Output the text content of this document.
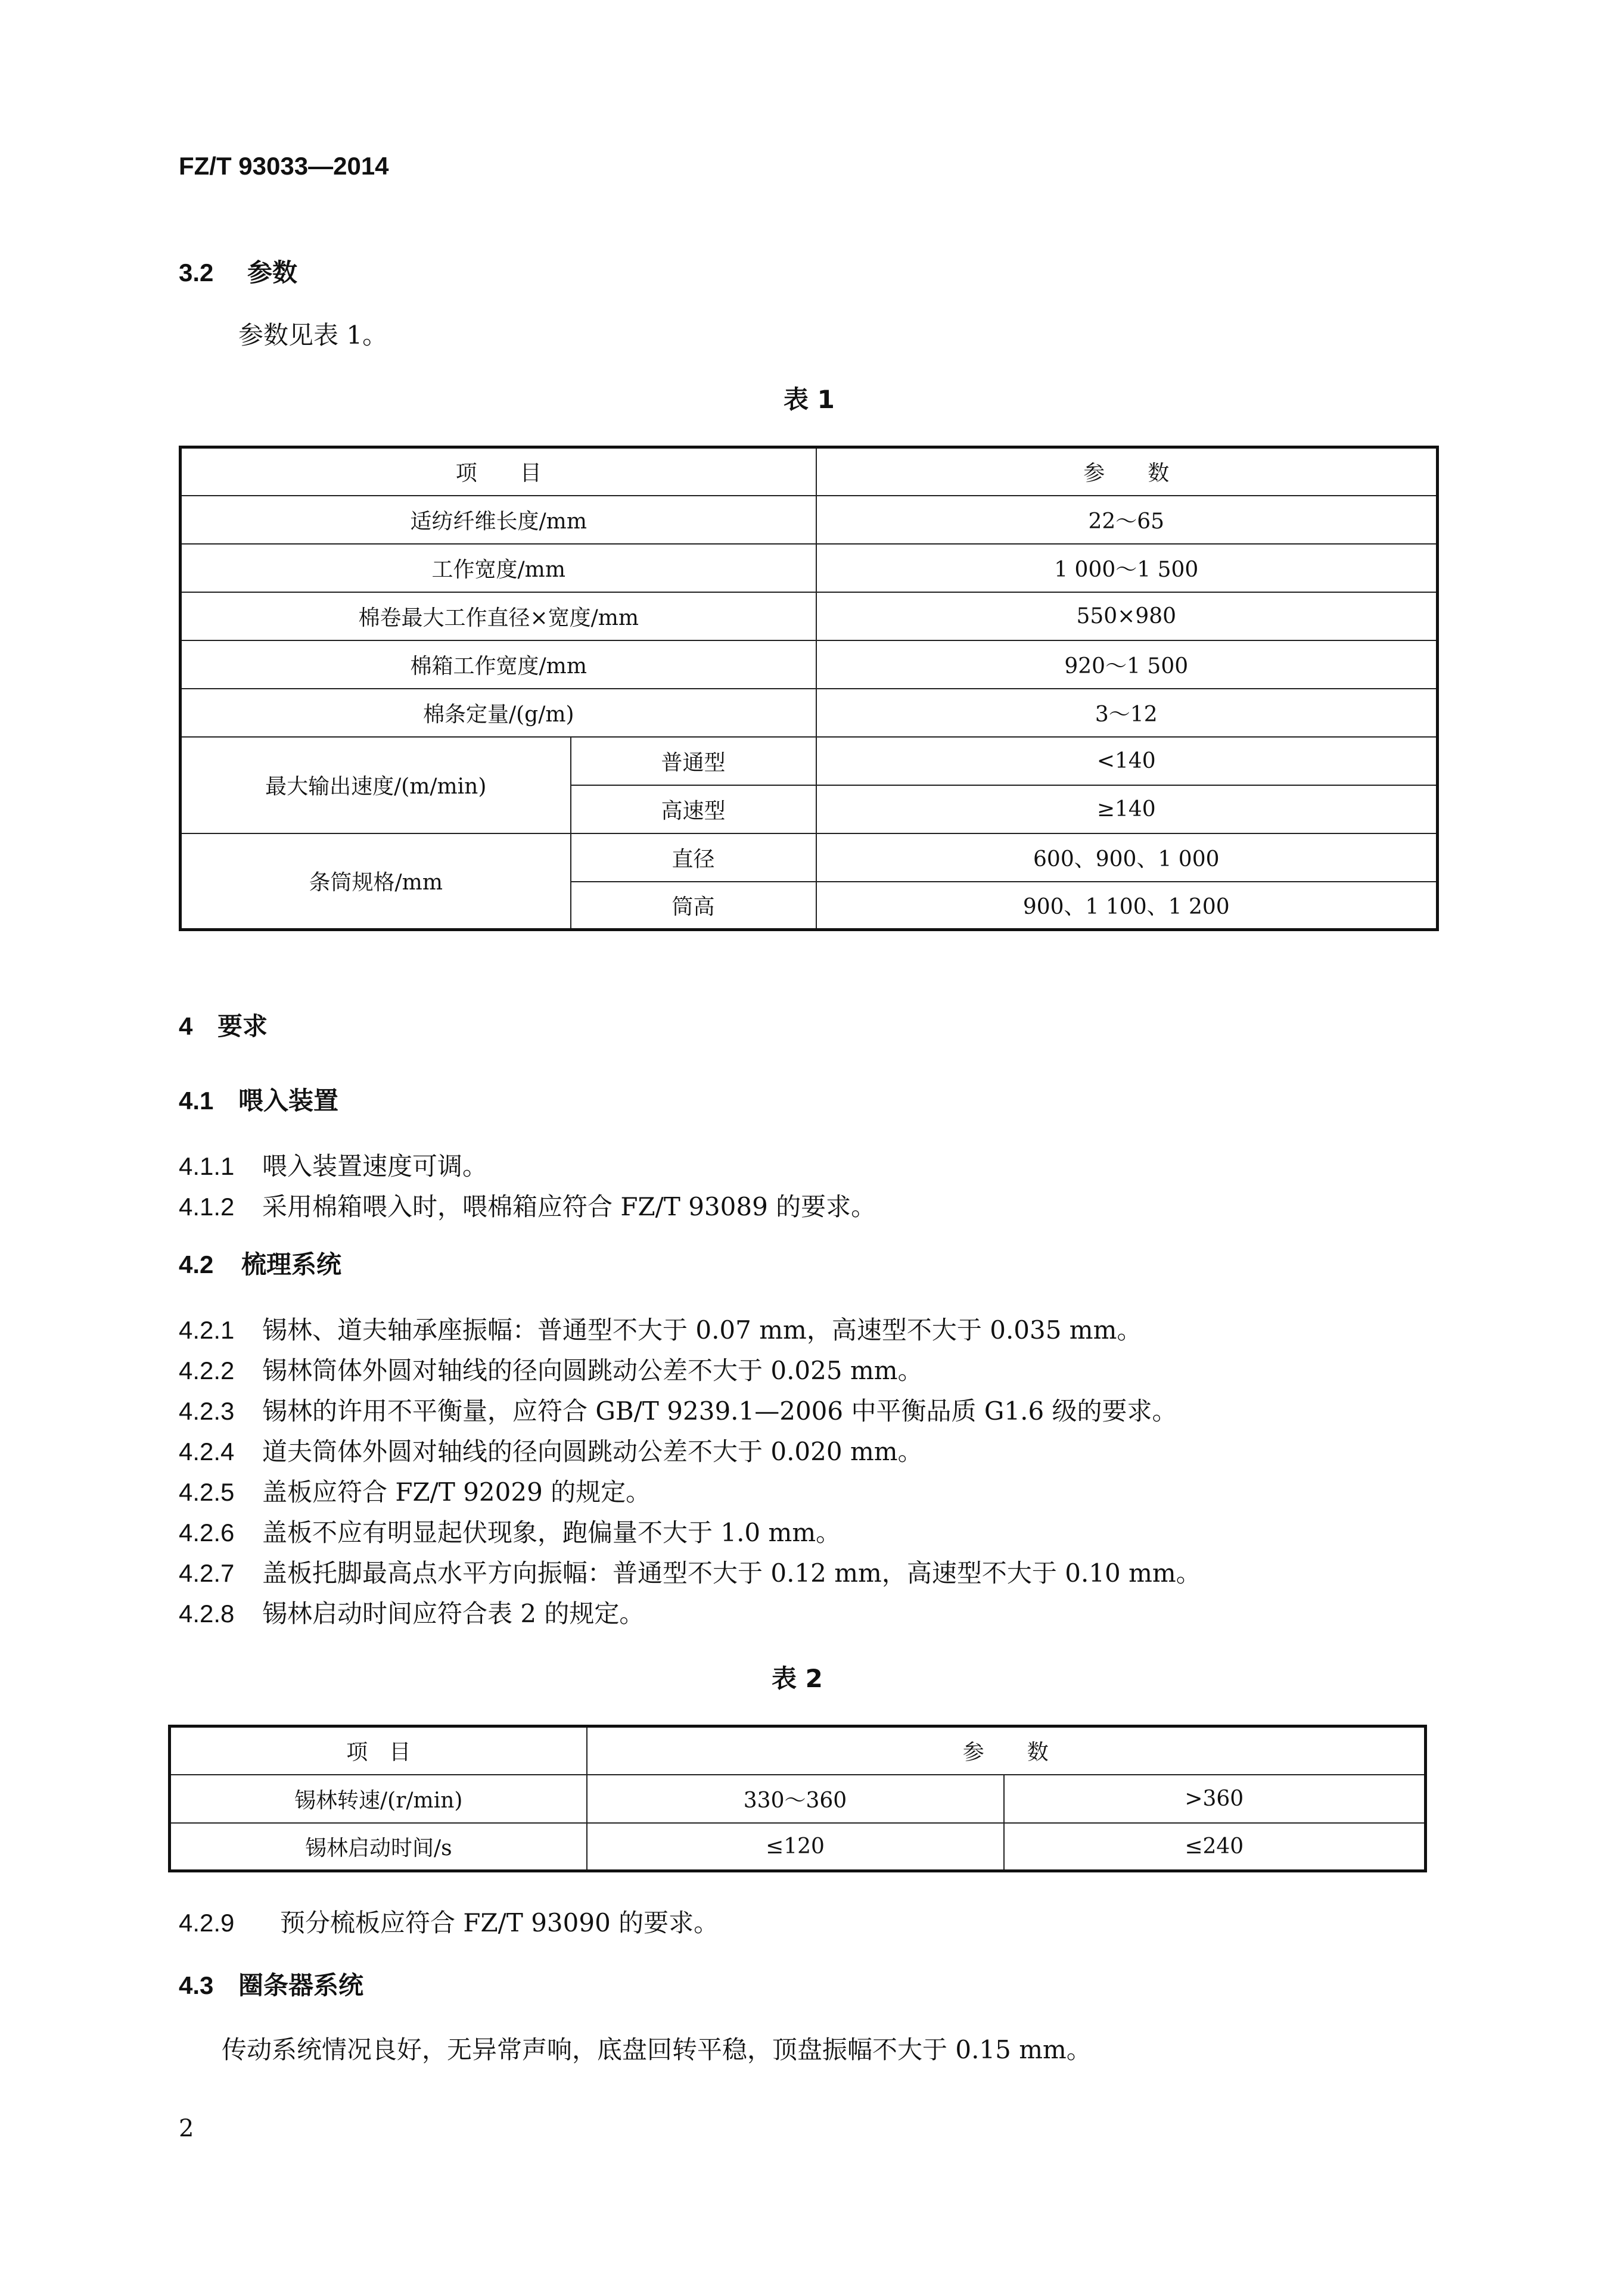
FZ/T 93033—2014
3.2 参数
参数见表 1。
表 1
项　　目		参　　数
适纺纤维长度/mm		22～65
工作宽度/mm		1 000～1 500
棉卷最大工作直径×宽度/mm		550×980
棉箱工作宽度/mm		920～1 500
棉条定量/(g/m)		3～12
最大输出速度/(m/min)	普通型	<140
	高速型	≥140
条筒规格/mm	直径	600、900、1 000
	筒高	900、1 100、1 200
4 要求
4.1 喂入装置
4.1.1 喂入装置速度可调。
4.1.2 采用棉箱喂入时，喂棉箱应符合 FZ/T 93089 的要求。
4.2 梳理系统
4.2.1 锡林、道夫轴承座振幅：普通型不大于 0.07 mm，高速型不大于 0.035 mm。
4.2.2 锡林筒体外圆对轴线的径向圆跳动公差不大于 0.025 mm。
4.2.3 锡林的许用不平衡量，应符合 GB/T 9239.1—2006 中平衡品质 G1.6 级的要求。
4.2.4 道夫筒体外圆对轴线的径向圆跳动公差不大于 0.020 mm。
4.2.5 盖板应符合 FZ/T 92029 的规定。
4.2.6 盖板不应有明显起伏现象，跑偏量不大于 1.0 mm。
4.2.7 盖板托脚最高点水平方向振幅：普通型不大于 0.12 mm，高速型不大于 0.10 mm。
4.2.8 锡林启动时间应符合表 2 的规定。
表 2
项　目	参　　数	
锡林转速/(r/min)	330～360	>360
锡林启动时间/s	≤120	≤240
4.2.9 预分梳板应符合 FZ/T 93090 的要求。
4.3 圈条器系统
传动系统情况良好，无异常声响，底盘回转平稳，顶盘振幅不大于 0.15 mm。
2
